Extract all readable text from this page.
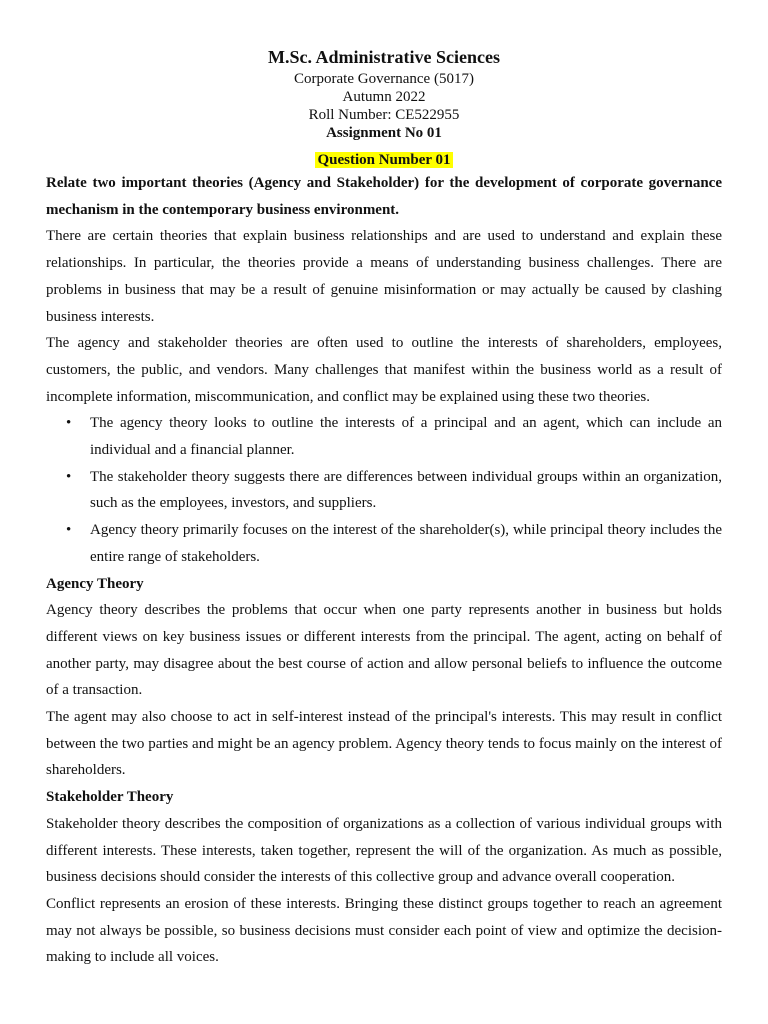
M.Sc. Administrative Sciences
Corporate Governance (5017)
Autumn 2022
Roll Number: CE522955
Assignment No 01
Question Number 01

Relate two important theories (Agency and Stakeholder) for the development of corporate governance mechanism in the contemporary business environment.

There are certain theories that explain business relationships and are used to understand and explain these relationships. In particular, the theories provide a means of understanding business challenges. There are problems in business that may be a result of genuine misinformation or may actually be caused by clashing business interests.

The agency and stakeholder theories are often used to outline the interests of shareholders, employees, customers, the public, and vendors. Many challenges that manifest within the business world as a result of incomplete information, miscommunication, and conflict may be explained using these two theories.

• The agency theory looks to outline the interests of a principal and an agent, which can include an individual and a financial planner.
• The stakeholder theory suggests there are differences between individual groups within an organization, such as the employees, investors, and suppliers.
• Agency theory primarily focuses on the interest of the shareholder(s), while principal theory includes the entire range of stakeholders.
Agency Theory

Agency theory describes the problems that occur when one party represents another in business but holds different views on key business issues or different interests from the principal. The agent, acting on behalf of another party, may disagree about the best course of action and allow personal beliefs to influence the outcome of a transaction.

The agent may also choose to act in self-interest instead of the principal's interests. This may result in conflict between the two parties and might be an agency problem. Agency theory tends to focus mainly on the interest of shareholders.

Stakeholder Theory

Stakeholder theory describes the composition of organizations as a collection of various individual groups with different interests. These interests, taken together, represent the will of the organization. As much as possible, business decisions should consider the interests of this collective group and advance overall cooperation.

Conflict represents an erosion of these interests. Bringing these distinct groups together to reach an agreement may not always be possible, so business decisions must consider each point of view and optimize the decision-making to include all voices.
